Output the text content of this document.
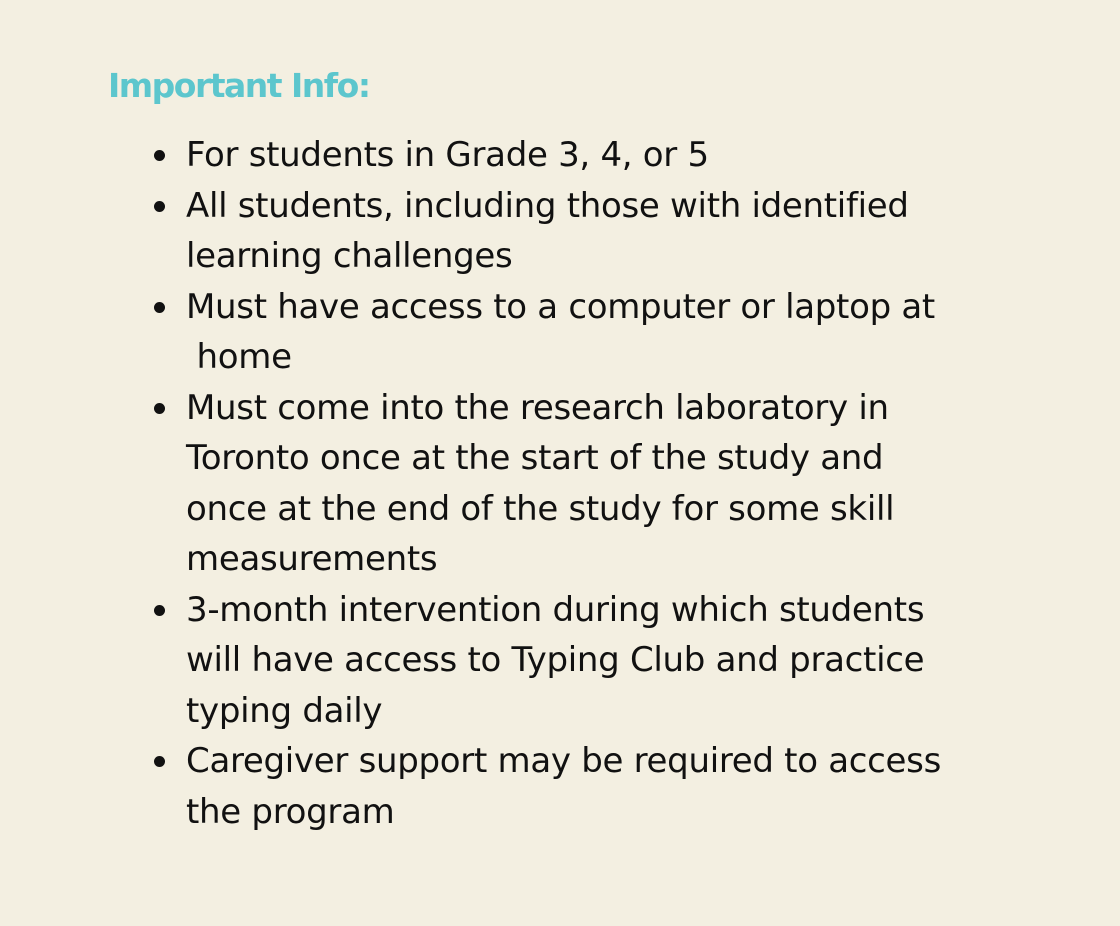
Important Info:
For students in Grade 3, 4, or 5
All students, including those with identified
learning challenges
Must have access to a computer or laptop at
home
Must come into the research laboratory in
Toronto once at the start of the study and
once at the end of the study for some skill
measurements
3-month intervention during which students
will have access to Typing Club and practice
typing daily
Caregiver support may be required to access
the program
